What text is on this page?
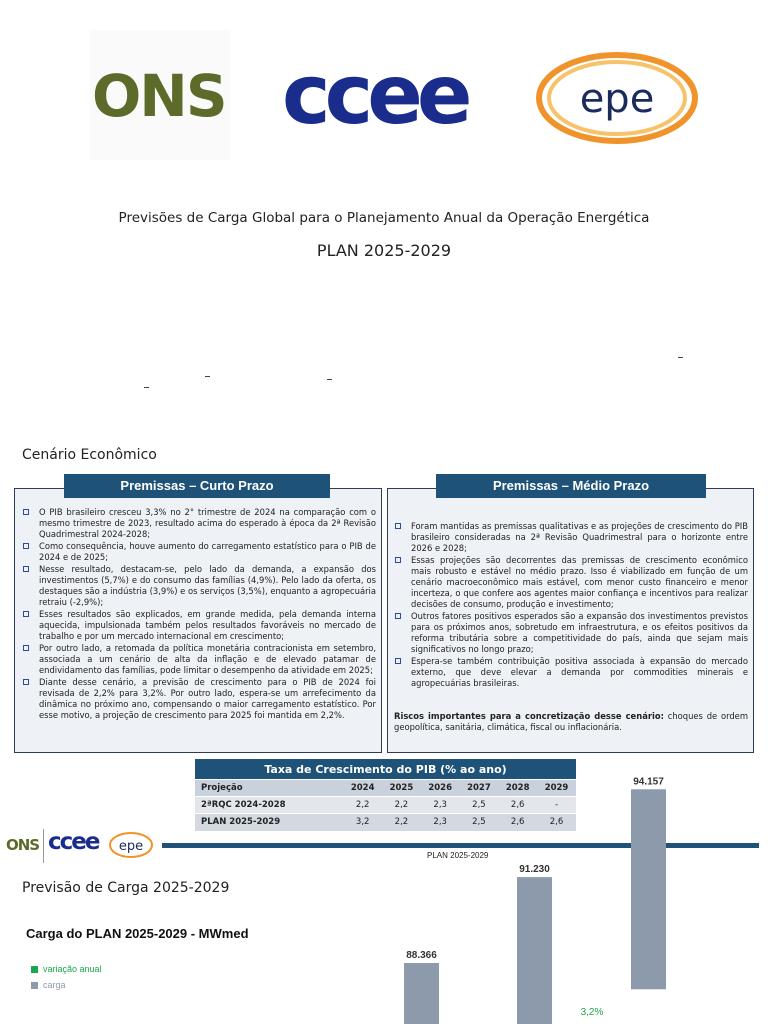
ONS ccee	epe
Previsões de Carga Global para o Planejamento Anual da Operação Energética
PLAN 2025-2029
Cenário Econômico
Premissas – Curto Prazo	Premissas – Médio Prazo
O PIB brasileiro cresceu 3,3% no 2° trimestre de 2024 na comparação com o mesmo trimestre de 2023, resultado acima do esperado à época da 2ª Revisão Quadrimestral 2024-2028;
Como consequência, houve aumento do carregamento estatístico para o PIB de 2024 e de 2025;
Nesse resultado, destacam-se, pelo lado da demanda, a expansão dos investimentos (5,7%) e do consumo das famílias (4,9%). Pelo lado da oferta, os destaques são a indústria (3,9%) e os serviços (3,5%), enquanto a agropecuária retraiu (-2,9%);
Esses resultados são explicados, em grande medida, pela demanda interna aquecida, impulsionada também pelos resultados favoráveis no mercado de trabalho e por um mercado internacional em crescimento;
Por outro lado, a retomada da política monetária contracionista em setembro, associada a um cenário de alta da inflação e de elevado patamar de endividamento das famílias, pode limitar o desempenho da atividade em 2025;
Diante desse cenário, a previsão de crescimento para o PIB de 2024 foi revisada de 2,2% para 3,2%. Por outro lado, espera-se um arrefecimento da dinâmica no próximo ano, compensando o maior carregamento estatístico. Por esse motivo, a projeção de crescimento para 2025 foi mantida em 2,2%.
Foram mantidas as premissas qualitativas e as projeções de crescimento do PIB brasileiro consideradas na 2ª Revisão Quadrimestral para o horizonte entre 2026 e 2028;
Essas projeções são decorrentes das premissas de crescimento econômico mais robusto e estável no médio prazo. Isso é viabilizado em função de um cenário macroeconômico mais estável, com menor custo financeiro e menor incerteza, o que confere aos agentes maior confiança e incentivos para realizar decisões de consumo, produção e investimento;
Outros fatores positivos esperados são a expansão dos investimentos previstos para os próximos anos, sobretudo em infraestrutura, e os efeitos positivos da reforma tributária sobre a competitividade do país, ainda que sejam mais significativos no longo prazo;
Espera-se também contribuição positiva associada à expansão do mercado externo, que deve elevar a demanda por commodities minerais e agropecuárias brasileiras.
Riscos importantes para a concretização desse cenário: choques de ordem geopolítica, sanitária, climática, fiscal ou inflacionária.
Taxa de Crescimento do PIB (% ao ano)						
Projeção	2024	2025	2026	2027	2028	2029
2ªRQC 2024-2028	2,2	2,2	2,3	2,5	2,6	-
PLAN 2025-2029	3,2	2,2	2,3	2,5	2,6	2,6
ONS ccee epe
PLAN 2025-2029
Previsão de Carga 2025-2029
Carga do PLAN 2025-2029 - MWmed
variação anual
carga
88.366
91.230
94.157
3,2%
